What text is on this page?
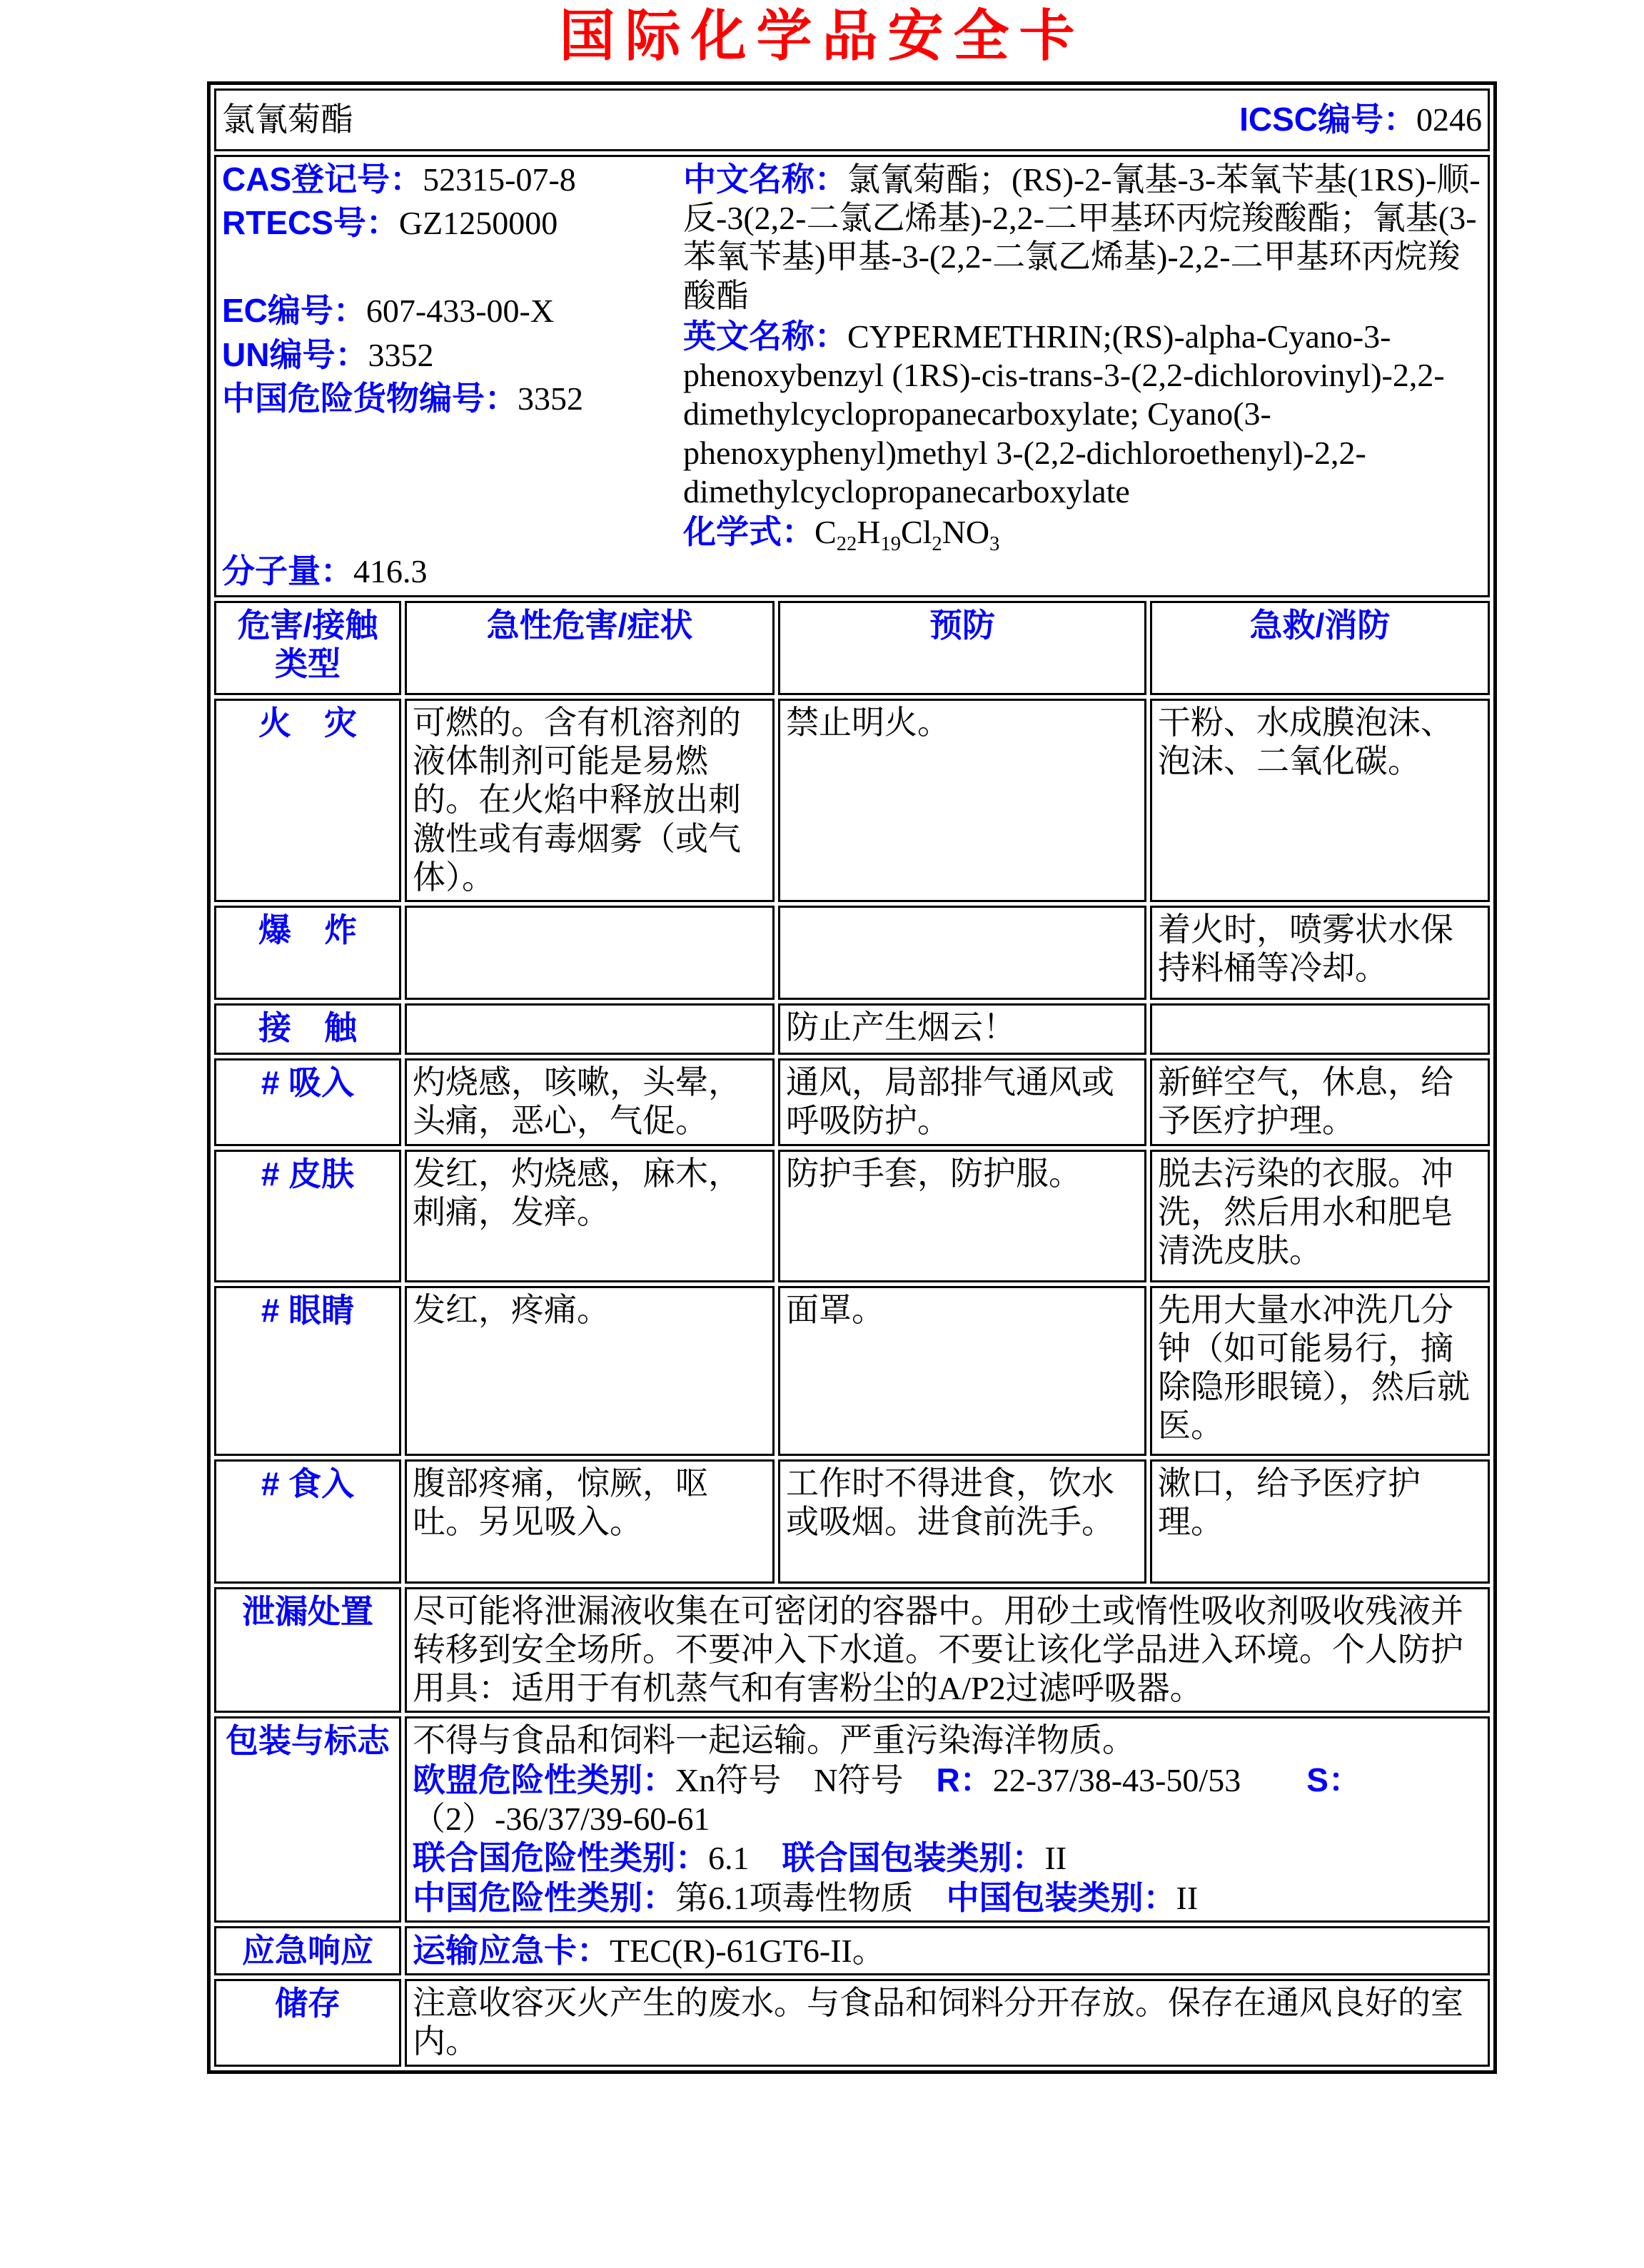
国际化学品安全卡
氯氰菊酯 ICSC编号：0246			

CAS登记号：52315-07-8
RTECS号：GZ1250000
EC编号：607-433-00-X
UN编号：3352
中国危险货物编号：3352
分子量：416.3
中文名称：氯氰菊酯；(RS)-2-氰基-3-苯氧苄基(1RS)-顺-反-3(2,2-二氯乙烯基)-2,2-二甲基环丙烷羧酸酯；氰基(3-苯氧苄基)甲基-3-(2,2-二氯乙烯基)-2,2-二甲基环丙烷羧酸酯
英文名称：CYPERMETHRIN;(RS)-alpha-Cyano-3-phenoxybenzyl (1RS)-cis-trans-3-(2,2-dichlorovinyl)-2,2-dimethylcyclopropanecarboxylate; Cyano(3-phenoxyphenyl)methyl 3-(2,2-dichloroethenyl)-2,2-dimethylcyclopropanecarboxylate
化学式：$C_{22}H_{19}Cl_2NO_3$

危害/接触类型	急性危害/症状	预防	急救/消防
火　灾	可燃的。含有机溶剂的液体制剂可能是易燃的。在火焰中释放出刺激性或有毒烟雾（或气体）。	禁止明火。	干粉、水成膜泡沫、泡沫、二氧化碳。
爆　炸			着火时，喷雾状水保持料桶等冷却。
接　触		防止产生烟云！	
# 吸入	灼烧感，咳嗽，头晕，头痛，恶心，气促。	通风，局部排气通风或呼吸防护。	新鲜空气，休息，给予医疗护理。
# 皮肤	发红，灼烧感，麻木，刺痛，发痒。	防护手套，防护服。	脱去污染的衣服。冲洗，然后用水和肥皂清洗皮肤。
# 眼睛	发红，疼痛。	面罩。	先用大量水冲洗几分钟（如可能易行，摘除隐形眼镜），然后就医。
# 食入	腹部疼痛，惊厥，呕吐。另见吸入。	工作时不得进食，饮水或吸烟。进食前洗手。	漱口，给予医疗护理。
泄漏处置	尽可能将泄漏液收集在可密闭的容器中。用砂土或惰性吸收剂吸收残液并转移到安全场所。不要冲入下水道。不要让该化学品进入环境。个人防护用具：适用于有机蒸气和有害粉尘的A/P2过滤呼吸器。		
包装与标志	不得与食品和饲料一起运输。严重污染海洋物质。
欧盟危险性类别：Xn符号　N符号　R：22-37/38-43-50/53　　S：
（2）-36/37/39-60-61
联合国危险性类别：6.1　联合国包装类别：II
中国危险性类别：第6.1项毒性物质　中国包装类别：II		

应急响应	运输应急卡：TEC(R)-61GT6-II。		
储存	注意收容灭火产生的废水。与食品和饲料分开存放。保存在通风良好的室内。		
